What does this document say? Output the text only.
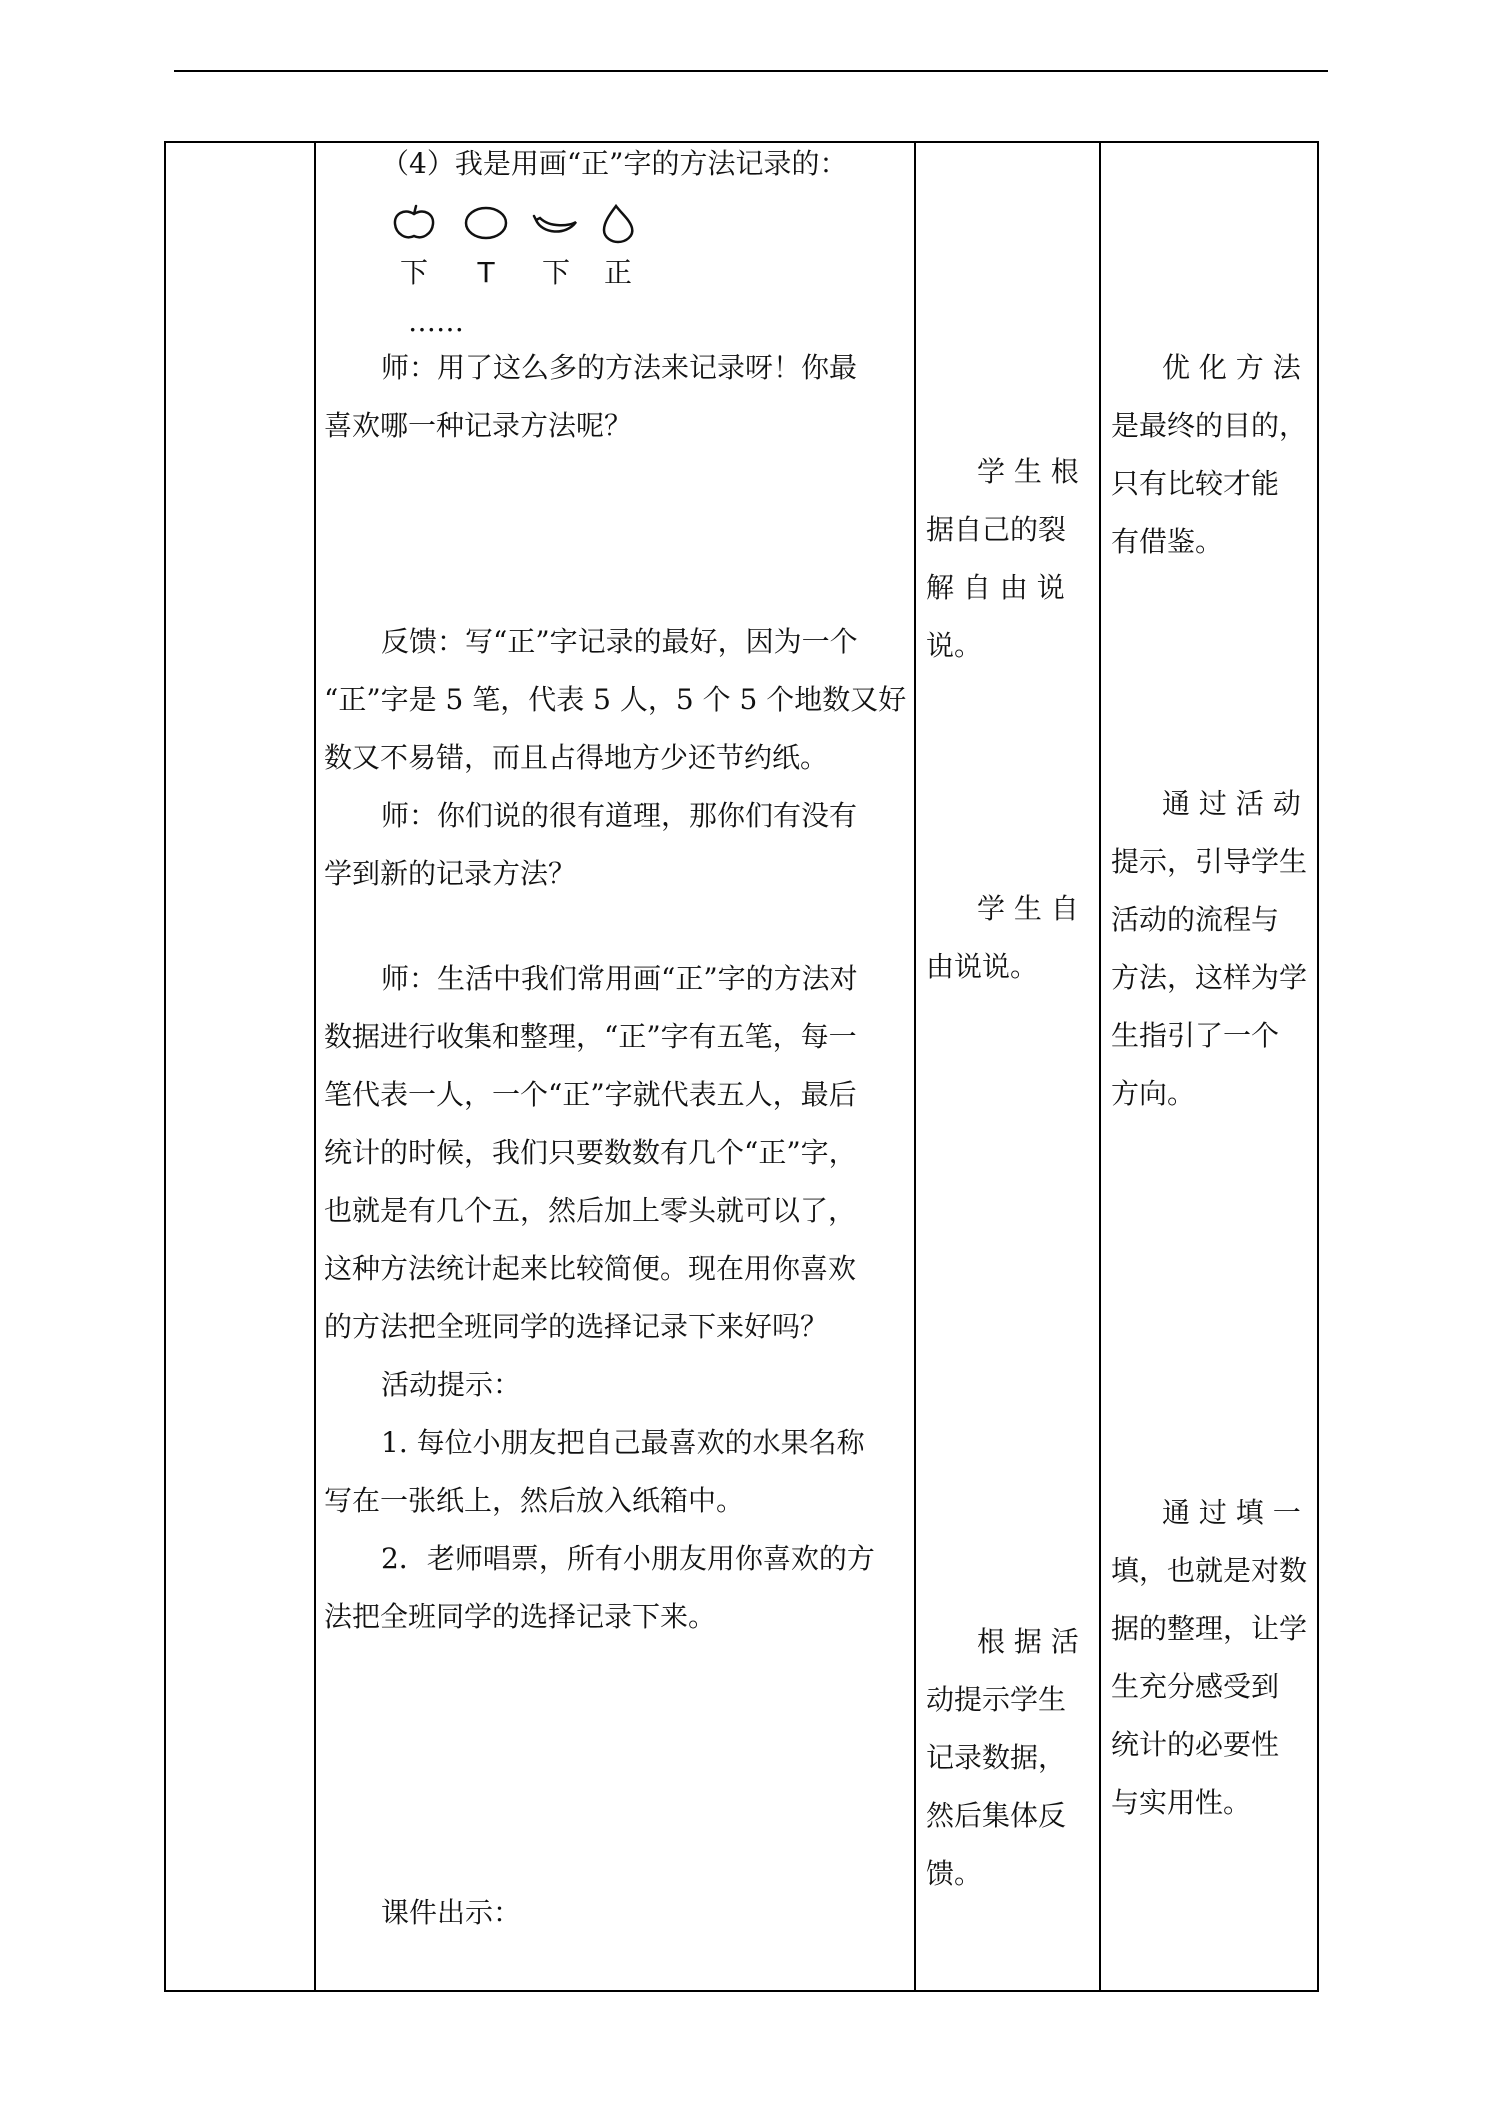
（4）我是用画“正”字的方法记录的：
下 T 下 正
……
师：用了这么多的方法来记录呀！你最
喜欢哪一种记录方法呢？
反馈：写“正”字记录的最好，因为一个
“正”字是 5 笔，代表 5 人，5 个 5 个地数又好
数又不易错，而且占得地方少还节约纸。
师：你们说的很有道理，那你们有没有
学到新的记录方法？
师：生活中我们常用画“正”字的方法对
数据进行收集和整理，“正”字有五笔，每一
笔代表一人，一个“正”字就代表五人，最后
统计的时候，我们只要数数有几个“正”字，
也就是有几个五，然后加上零头就可以了，
这种方法统计起来比较简便。现在用你喜欢
的方法把全班同学的选择记录下来好吗？
活动提示：
1. 每位小朋友把自己最喜欢的水果名称
写在一张纸上，然后放入纸箱中。
2．老师唱票，所有小朋友用你喜欢的方
法把全班同学的选择记录下来。
课件出示：
学 生 根
据自己的裂
解 自 由 说
说。
学 生 自
由说说。
根 据 活
动提示学生
记录数据，
然后集体反
馈。
优 化 方 法
是最终的目的，
只有比较才能
有借鉴。
通 过 活 动
提示，引导学生
活动的流程与
方法，这样为学
生指引了一个
方向。
通 过 填 一
填，也就是对数
据的整理，让学
生充分感受到
统计的必要性
与实用性。
